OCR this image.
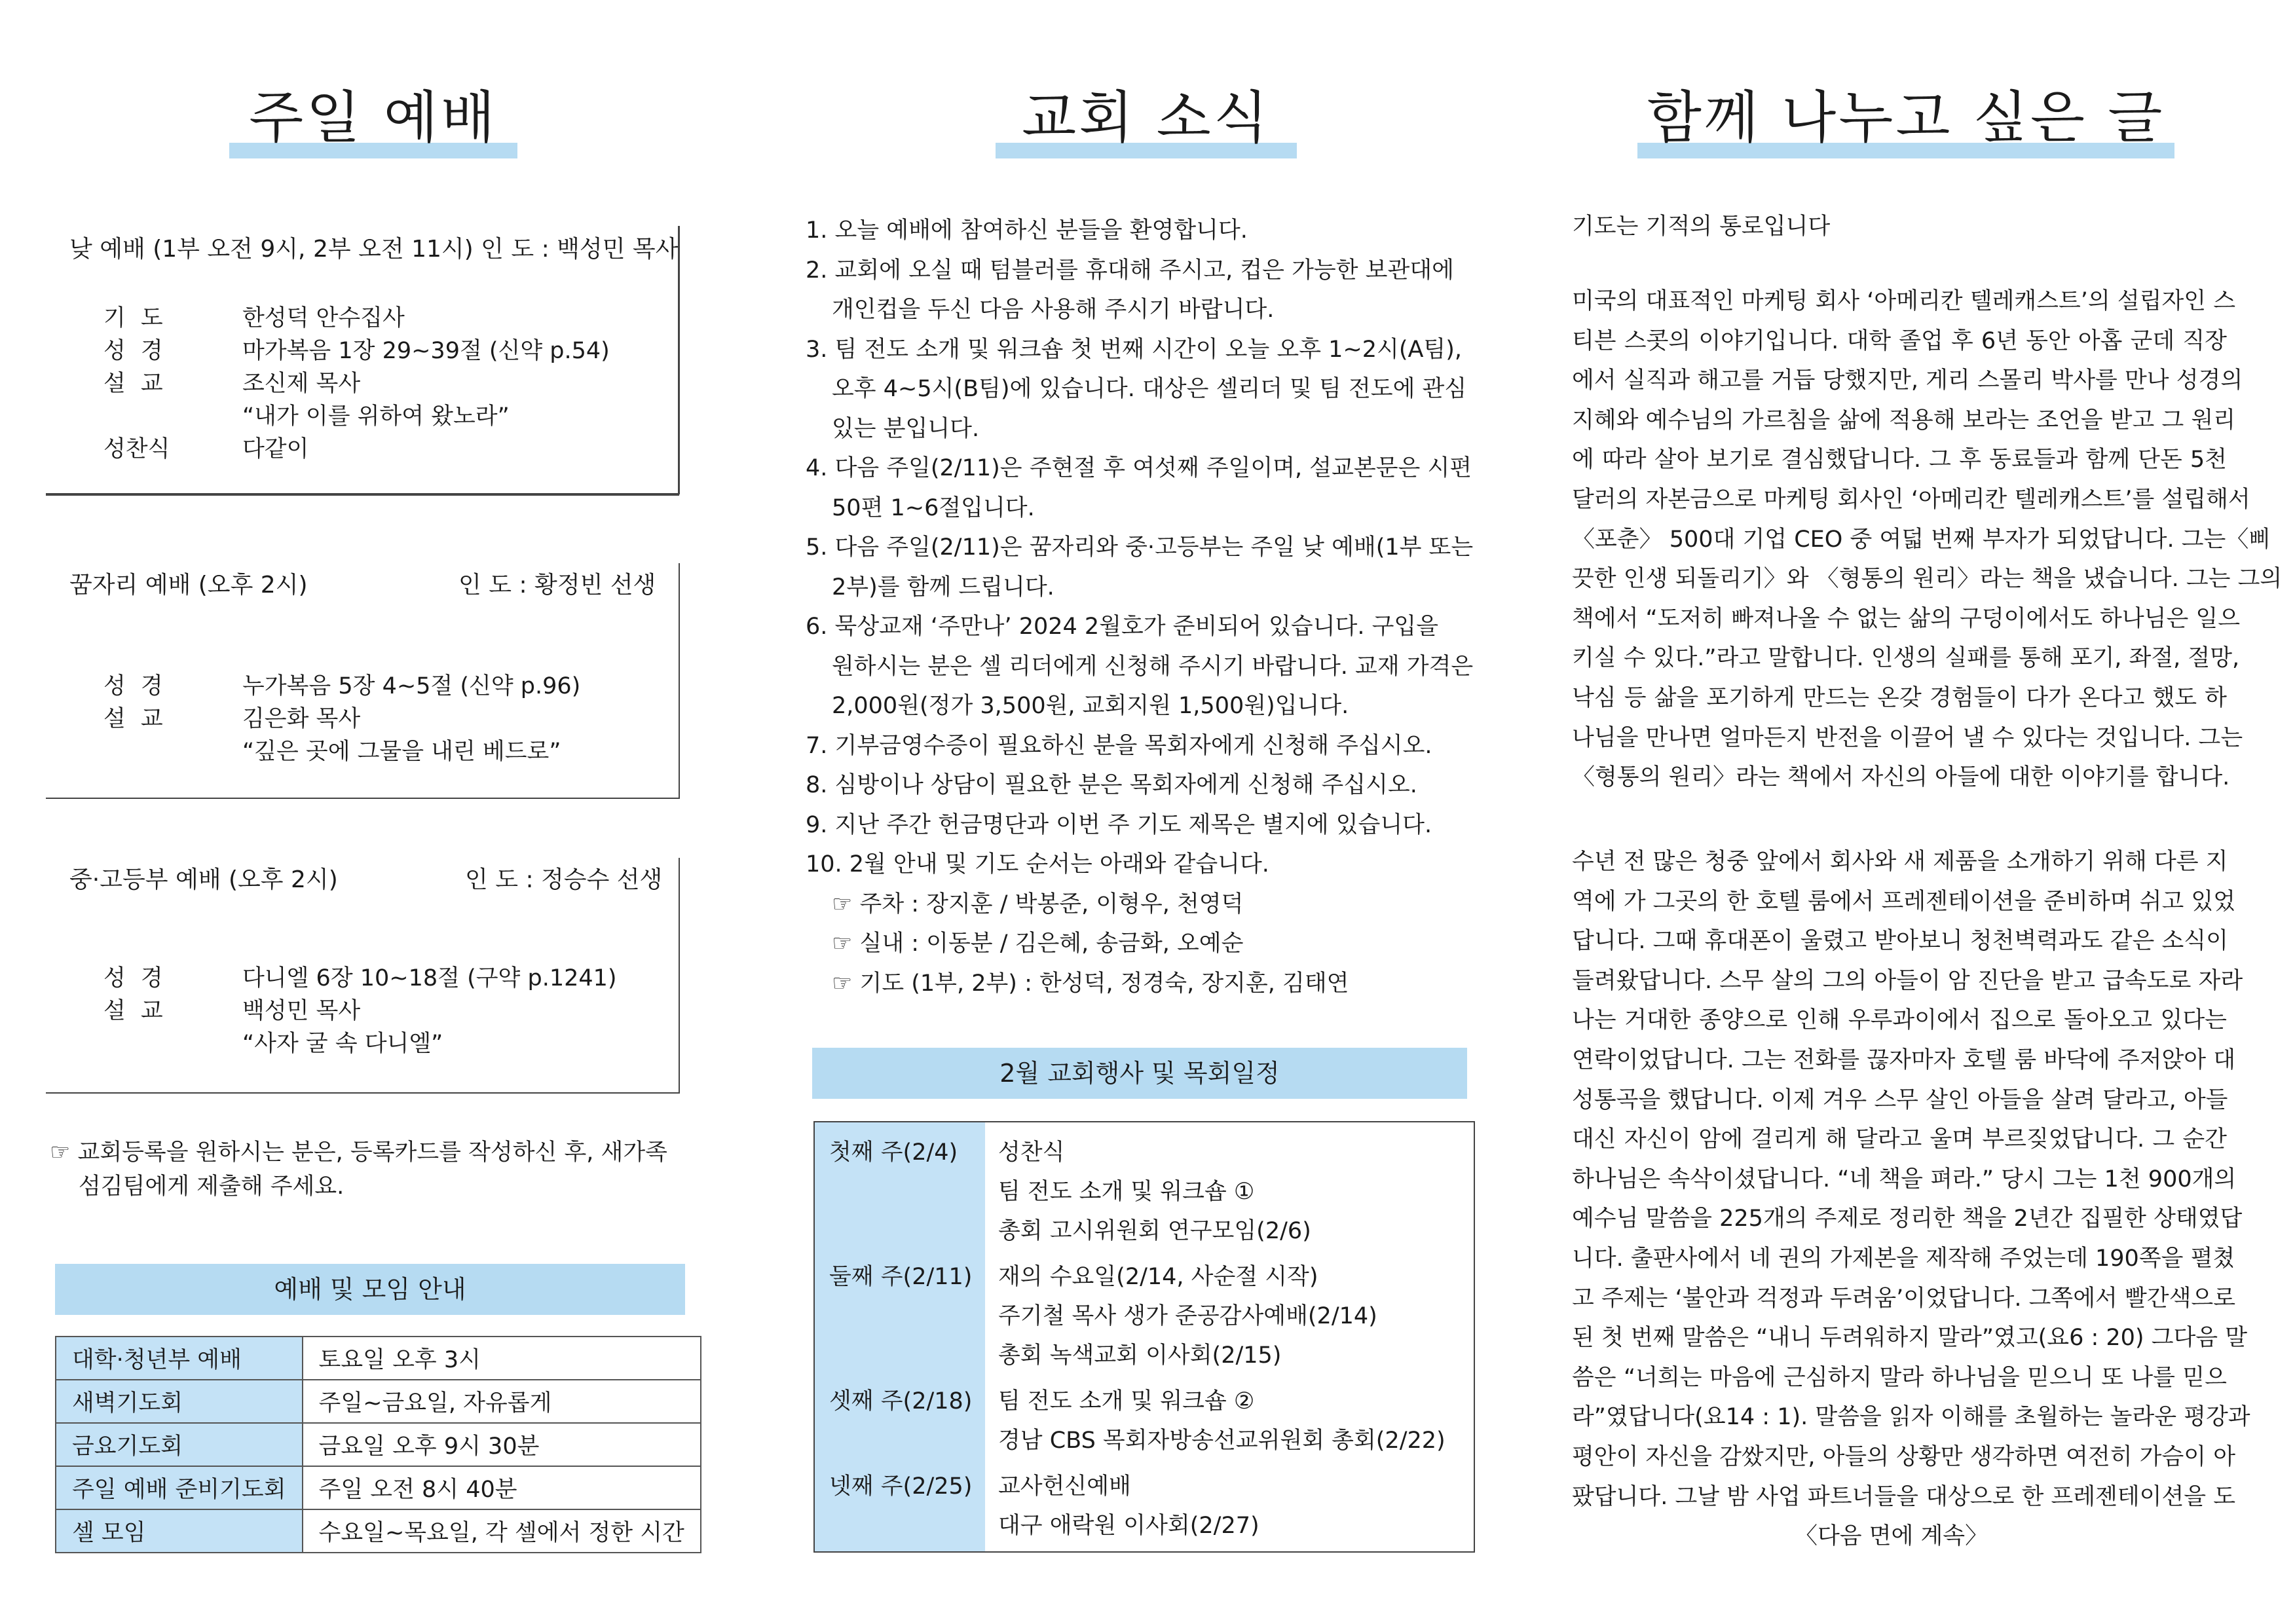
주일 예배
낮 예배 (1부 오전 9시, 2부 오전 11시) 인 도 : 백성민 목사
기 도	한성덕 안수집사
성 경	마가복음 1장 29~39절 (신약 p.54)
설 교	조신제 목사
“내가 이를 위하여 왔노라”
성찬식	다같이
꿈자리 예배 (오후 2시)	인 도 : 황정빈 선생
성 경	누가복음 5장 4~5절 (신약 p.96)
설 교	김은화 목사
“깊은 곳에 그물을 내린 베드로”
중·고등부 예배 (오후 2시)	인 도 : 정승수 선생
성 경	다니엘 6장 10~18절 (구약 p.1241)
설 교	백성민 목사
“사자 굴 속 다니엘”
☞ 교회등록을 원하시는 분은, 등록카드를 작성하신 후, 새가족
섬김팀에게 제출해 주세요.
예배 및 모임 안내
대학·청년부 예배	토요일 오후 3시
새벽기도회	주일~금요일, 자유롭게
금요기도회	금요일 오후 9시 30분
주일 예배 준비기도회	주일 오전 8시 40분
셀 모임	수요일~목요일, 각 셀에서 정한 시간
교회 소식
1. 오늘 예배에 참여하신 분들을 환영합니다.
2. 교회에 오실 때 텀블러를 휴대해 주시고, 컵은 가능한 보관대에
개인컵을 두신 다음 사용해 주시기 바랍니다.
3. 팀 전도 소개 및 워크숍 첫 번째 시간이 오늘 오후 1~2시(A팀),
오후 4~5시(B팀)에 있습니다. 대상은 셀리더 및 팀 전도에 관심
있는 분입니다.
4. 다음 주일(2/11)은 주현절 후 여섯째 주일이며, 설교본문은 시편
50편 1~6절입니다.
5. 다음 주일(2/11)은 꿈자리와 중·고등부는 주일 낮 예배(1부 또는
2부)를 함께 드립니다.
6. 묵상교재 ‘주만나’ 2024 2월호가 준비되어 있습니다. 구입을
원하시는 분은 셀 리더에게 신청해 주시기 바랍니다. 교재 가격은
2,000원(정가 3,500원, 교회지원 1,500원)입니다.
7. 기부금영수증이 필요하신 분을 목회자에게 신청해 주십시오.
8. 심방이나 상담이 필요한 분은 목회자에게 신청해 주십시오.
9. 지난 주간 헌금명단과 이번 주 기도 제목은 별지에 있습니다.
10. 2월 안내 및 기도 순서는 아래와 같습니다.
☞ 주차 : 장지훈 / 박봉준, 이형우, 천영덕
☞ 실내 : 이동분 / 김은혜, 송금화, 오예순
☞ 기도 (1부, 2부) : 한성덕, 정경숙, 장지훈, 김태연
2월 교회행사 및 목회일정
첫째 주(2/4) 성찬식
팀 전도 소개 및 워크숍 ①
총회 고시위원회 연구모임(2/6)
둘째 주(2/11) 재의 수요일(2/14, 사순절 시작)
주기철 목사 생가 준공감사예배(2/14)
총회 녹색교회 이사회(2/15)
셋째 주(2/18) 팀 전도 소개 및 워크숍 ②
경남 CBS 목회자방송선교위원회 총회(2/22)
넷째 주(2/25) 교사헌신예배
대구 애락원 이사회(2/27)
함께 나누고 싶은 글
기도는 기적의 통로입니다
미국의 대표적인 마케팅 회사 ‘아메리칸 텔레캐스트’의 설립자인 스
티븐 스콧의 이야기입니다. 대학 졸업 후 6년 동안 아홉 군데 직장
에서 실직과 해고를 거듭 당했지만, 게리 스몰리 박사를 만나 성경의
지혜와 예수님의 가르침을 삶에 적용해 보라는 조언을 받고 그 원리
에 따라 살아 보기로 결심했답니다. 그 후 동료들과 함께 단돈 5천
달러의 자본금으로 마케팅 회사인 ‘아메리칸 텔레캐스트’를 설립해서
〈포춘〉 500대 기업 CEO 중 여덟 번째 부자가 되었답니다. 그는〈삐
끗한 인생 되돌리기〉와 〈형통의 원리〉라는 책을 냈습니다. 그는 그의
책에서 “도저히 빠져나올 수 없는 삶의 구덩이에서도 하나님은 일으
키실 수 있다.”라고 말합니다. 인생의 실패를 통해 포기, 좌절, 절망,
낙심 등 삶을 포기하게 만드는 온갖 경험들이 다가 온다고 했도 하
나님을 만나면 얼마든지 반전을 이끌어 낼 수 있다는 것입니다. 그는
〈형통의 원리〉라는 책에서 자신의 아들에 대한 이야기를 합니다.
수년 전 많은 청중 앞에서 회사와 새 제품을 소개하기 위해 다른 지
역에 가 그곳의 한 호텔 룸에서 프레젠테이션을 준비하며 쉬고 있었
답니다. 그때 휴대폰이 울렸고 받아보니 청천벽력과도 같은 소식이
들려왔답니다. 스무 살의 그의 아들이 암 진단을 받고 급속도로 자라
나는 거대한 종양으로 인해 우루과이에서 집으로 돌아오고 있다는
연락이었답니다. 그는 전화를 끊자마자 호텔 룸 바닥에 주저앉아 대
성통곡을 했답니다. 이제 겨우 스무 살인 아들을 살려 달라고, 아들
대신 자신이 암에 걸리게 해 달라고 울며 부르짖었답니다. 그 순간
하나님은 속삭이셨답니다. “네 책을 펴라.” 당시 그는 1천 900개의
예수님 말씀을 225개의 주제로 정리한 책을 2년간 집필한 상태였답
니다. 출판사에서 네 권의 가제본을 제작해 주었는데 190쪽을 펼쳤
고 주제는 ‘불안과 걱정과 두려움’이었답니다. 그쪽에서 빨간색으로
된 첫 번째 말씀은 “내니 두려워하지 말라”였고(요6 : 20) 그다음 말
씀은 “너희는 마음에 근심하지 말라 하나님을 믿으니 또 나를 믿으
라”였답니다(요14 : 1). 말씀을 읽자 이해를 초월하는 놀라운 평강과
평안이 자신을 감쌌지만, 아들의 상황만 생각하면 여전히 가슴이 아
팠답니다. 그날 밤 사업 파트너들을 대상으로 한 프레젠테이션을 도
〈다음 면에 계속〉
